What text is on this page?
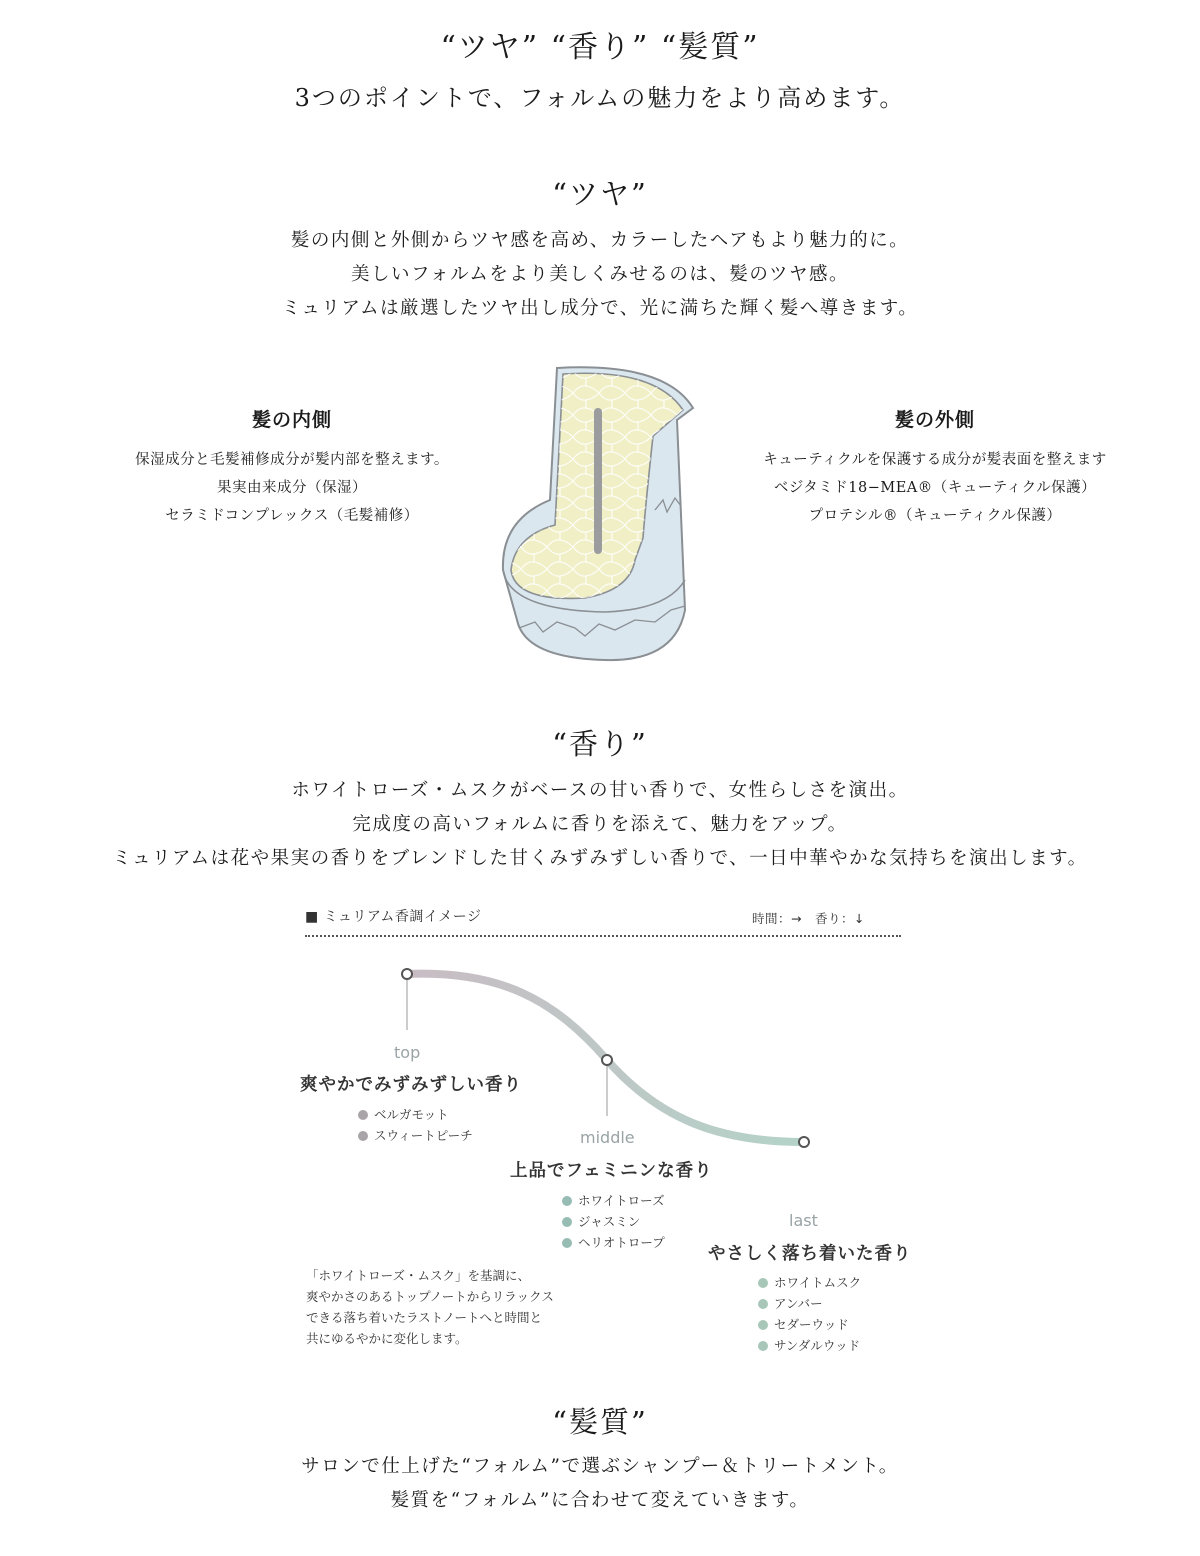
“ツヤ” “香り” “髪質”
3つのポイントで、フォルムの魅力をより高めます。
“ツヤ”
髪の内側と外側からツヤ感を高め、カラーしたヘアもより魅力的に。
美しいフォルムをより美しくみせるのは、髪のツヤ感。
ミュリアムは厳選したツヤ出し成分で、光に満ちた輝く髪へ導きます。
髪の内側
保湿成分と毛髪補修成分が髪内部を整えます。
果実由来成分（保湿）
セラミドコンプレックス（毛髪補修）
髪の外側
キューティクルを保護する成分が髪表面を整えます
ベジタミド18−MEA®（キューティクル保護）
プロテシル®（キューティクル保護）
“香り”
ホワイトローズ・ムスクがベースの甘い香りで、女性らしさを演出。
完成度の高いフォルムに香りを添えて、魅力をアップ。
ミュリアムは花や果実の香りをブレンドした甘くみずみずしい香りで、一日中華やかな気持ちを演出します。
■ ミュリアム香調イメージ	時間：→　香り：↓
top
爽やかでみずみずしい香り
ベルガモット
スウィートピーチ	middle
上品でフェミニンな香り
ホワイトローズ
ジャスミン
ヘリオトロープ
last
やさしく落ち着いた香り
ホワイトムスク
アンバー
セダーウッド
サンダルウッド
「ホワイトローズ・ムスク」を基調に、
爽やかさのあるトップノートからリラックス
できる落ち着いたラストノートへと時間と
共にゆるやかに変化します。
“髪質”
サロンで仕上げた“フォルム”で選ぶシャンプー＆トリートメント。
髪質を“フォルム”に合わせて変えていきます。
